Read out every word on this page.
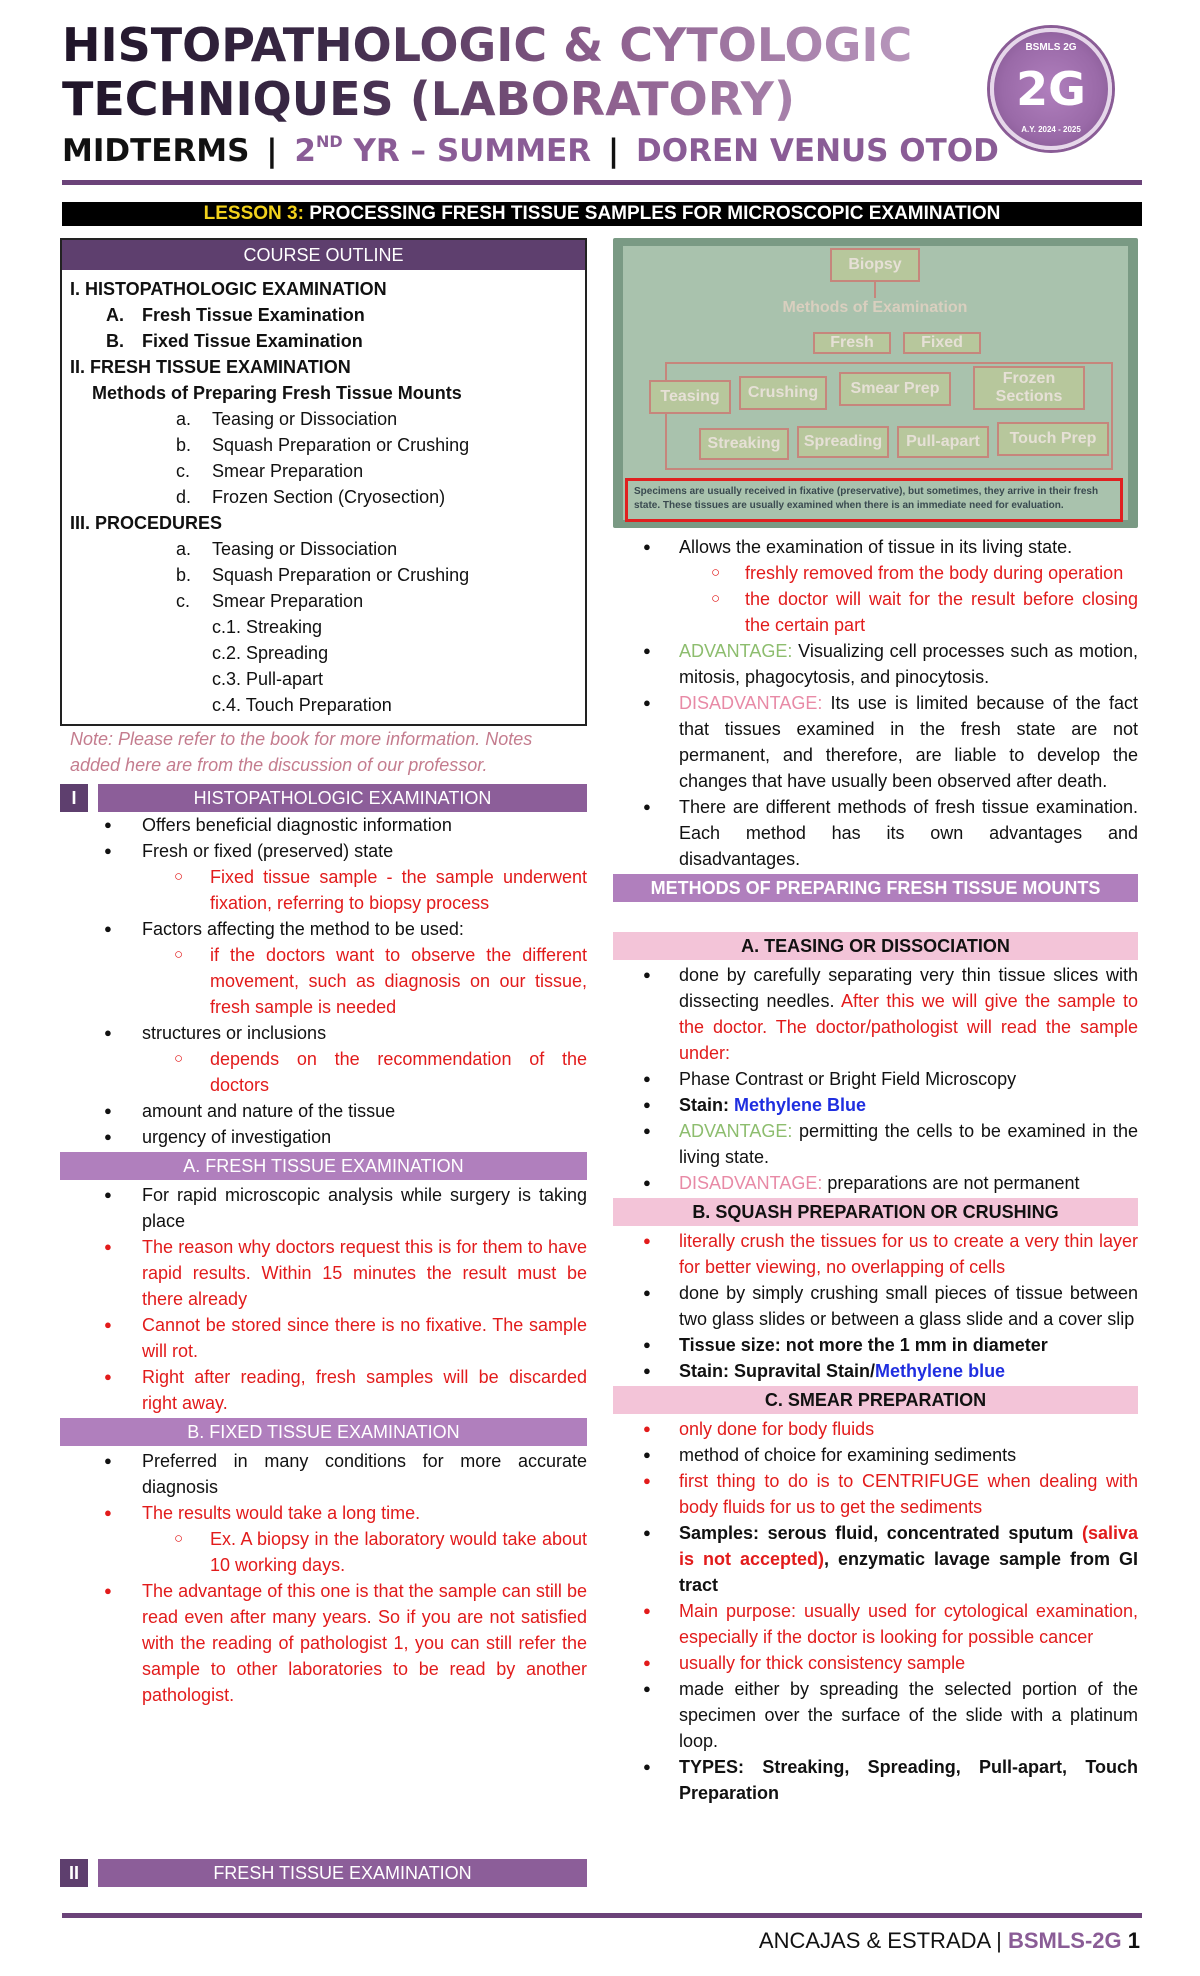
HISTOPATHOLOGIC & CYTOLOGIC
TECHNIQUES (LABORATORY)
MIDTERMS | 2ND YR – SUMMER | DOREN VENUS OTOD
BSMLS 2G
2G
A.Y. 2024 - 2025
LESSON 3: PROCESSING FRESH TISSUE SAMPLES FOR MICROSCOPIC EXAMINATION
COURSE OUTLINE
I. HISTOPATHOLOGIC EXAMINATION
A. Fresh Tissue Examination
B. Fixed Tissue Examination
II. FRESH TISSUE EXAMINATION
Methods of Preparing Fresh Tissue Mounts
a. Teasing or Dissociation
b. Squash Preparation or Crushing
c. Smear Preparation
d. Frozen Section (Cryosection)
III. PROCEDURES
a. Teasing or Dissociation
b. Squash Preparation or Crushing
c. Smear Preparation
c.1. Streaking
c.2. Spreading
c.3. Pull-apart
c.4. Touch Preparation
Note: Please refer to the book for more information. Notes added here are from the discussion of our professor.
I	HISTOPATHOLOGIC EXAMINATION
● Offers beneficial diagnostic information
● Fresh or fixed (preserved) state
○ Fixed tissue sample - the sample underwent fixation, referring to biopsy process
● Factors affecting the method to be used:
○ if the doctors want to observe the different movement, such as diagnosis on our tissue, fresh sample is needed
● structures or inclusions
○ depends on the recommendation of the doctors
● amount and nature of the tissue
● urgency of investigation
A. FRESH TISSUE EXAMINATION
● For rapid microscopic analysis while surgery is taking place
● The reason why doctors request this is for them to have rapid results. Within 15 minutes the result must be there already
● Cannot be stored since there is no fixative. The sample will rot.
● Right after reading, fresh samples will be discarded right away.
B. FIXED TISSUE EXAMINATION
● Preferred in many conditions for more accurate diagnosis
● The results would take a long time.
○ Ex. A biopsy in the laboratory would take about 10 working days.
● The advantage of this one is that the sample can still be read even after many years. So if you are not satisfied with the reading of pathologist 1, you can still refer the sample to other laboratories to be read by another pathologist.
II	FRESH TISSUE EXAMINATION
Biopsy
Methods of Examination
Fresh	Fixed
Teasing	Crushing	Smear Prep
Frozen Sections
Streaking	Spreading	Pull-apart	Touch Prep
Specimens are usually received in fixative (preservative), but sometimes, they arrive in their fresh state. These tissues are usually examined when there is an immediate need for evaluation.
● Allows the examination of tissue in its living state.
○ freshly removed from the body during operation
○ the doctor will wait for the result before closing the certain part
● ADVANTAGE: Visualizing cell processes such as motion, mitosis, phagocytosis, and pinocytosis.
● DISADVANTAGE: Its use is limited because of the fact that tissues examined in the fresh state are not permanent, and therefore, are liable to develop the changes that have usually been observed after death.
● There are different methods of fresh tissue examination. Each method has its own advantages and disadvantages.
METHODS OF PREPARING FRESH TISSUE MOUNTS
A. TEASING OR DISSOCIATION
● done by carefully separating very thin tissue slices with dissecting needles. After this we will give the sample to the doctor. The doctor/pathologist will read the sample under:
● Phase Contrast or Bright Field Microscopy
● Stain: Methylene Blue
● ADVANTAGE: permitting the cells to be examined in the living state.
● DISADVANTAGE: preparations are not permanent
B. SQUASH PREPARATION OR CRUSHING
● literally crush the tissues for us to create a very thin layer for better viewing, no overlapping of cells
● done by simply crushing small pieces of tissue between two glass slides or between a glass slide and a cover slip
● Tissue size: not more the 1 mm in diameter
● Stain: Supravital Stain/Methylene blue
C. SMEAR PREPARATION
● only done for body fluids
● method of choice for examining sediments
● first thing to do is to CENTRIFUGE when dealing with body fluids for us to get the sediments
● Samples: serous fluid, concentrated sputum (saliva is not accepted), enzymatic lavage sample from GI tract
● Main purpose: usually used for cytological examination, especially if the doctor is looking for possible cancer
● usually for thick consistency sample
● made either by spreading the selected portion of the specimen over the surface of the slide with a platinum loop.
● TYPES: Streaking, Spreading, Pull-apart, Touch Preparation
ANCAJAS & ESTRADA | BSMLS-2G 1
